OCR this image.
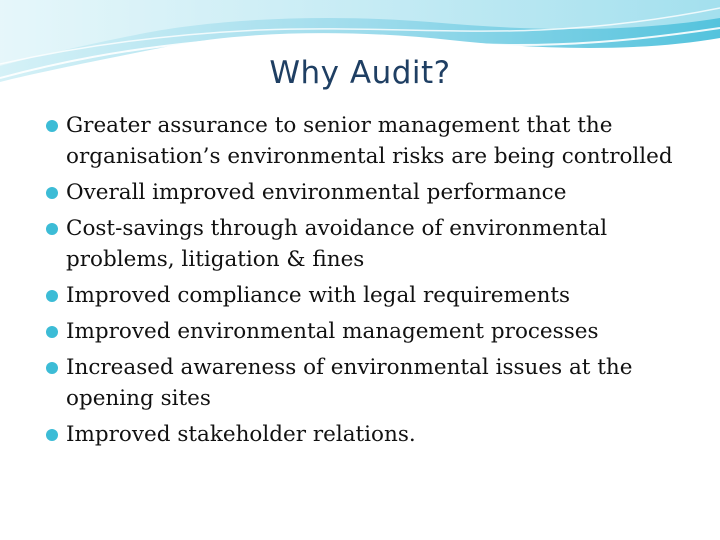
Why Audit?
Greater assurance to senior management that the organisation’s environmental risks are being controlled
Overall improved environmental performance
Cost-savings through avoidance of environmental problems, litigation & fines
Improved compliance with legal requirements
Improved environmental management processes
Increased awareness of environmental issues at the opening sites
Improved stakeholder relations.
